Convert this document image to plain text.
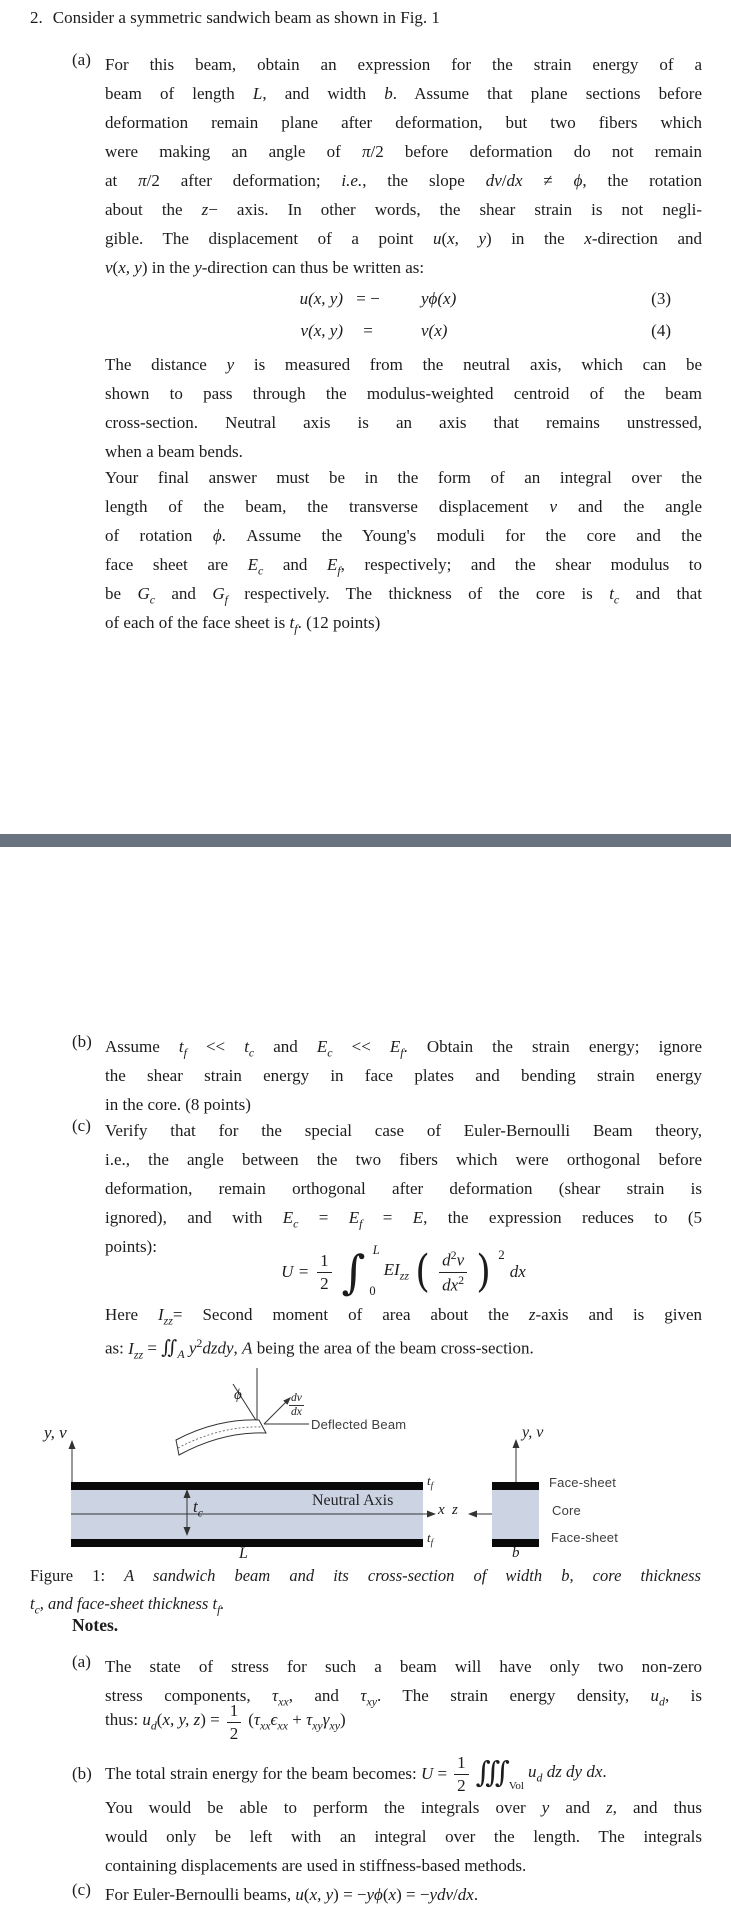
2. Consider a symmetric sandwich beam as shown in Fig. 1
(a) For this beam, obtain an expression for the strain energy of a
beam of length L, and width b. Assume that plane sections before
deformation remain plane after deformation, but two fibers which
were making an angle of π/2 before deformation do not remain
at π/2 after deformation; i.e., the slope dv/dx ≠ ϕ, the rotation
about the z− axis. In other words, the shear strain is not negli-
gible. The displacement of a point u(x, y) in the x-direction and
v(x, y) in the y-direction can thus be written as:
u(x, y) = −	yϕ(x)	(3)
v(x, y)	=	v(x)	(4)
The distance y is measured from the neutral axis, which can be
shown to pass through the modulus-weighted centroid of the beam
cross-section. Neutral axis is an axis that remains unstressed,
when a beam bends.
Your final answer must be in the form of an integral over the
length of the beam, the transverse displacement v and the angle
of rotation ϕ. Assume the Young's moduli for the core and the
face sheet are $E_c$ and $E_f$, respectively; and the shear modulus to
be $G_c$ and $G_f$ respectively. The thickness of the core is $t_c$ and that
of each of the face sheet is $t_f$. (12 points)
(b) Assume $t_f << t_c$ and $E_c << E_f$. Obtain the strain energy; ignore
the shear strain energy in face plates and bending strain energy
in the core. (8 points)
(c) Verify that for the special case of Euler-Bernoulli Beam theory,
i.e., the angle between the two fibers which were orthogonal before
deformation, remain orthogonal after deformation (shear strain is
ignored), and with $E_c = E_f = E$, the expression reduces to (5
points):
$U = \frac{1}{2}$ ∫ L
0
$EI_{zz}$ ( $\frac{d^2v}{dx^2}$ ) 2
dx
Here $I_{zz}=$ Second moment of area about the z-axis and is given
as: $I_{zz}$ = $∬_A$ $y^2dzdy$, A being the area of the beam cross-section.
y, v
ϕ	dv
dx
Deflected Beam
Neutral Axis
$t_c$
$t_f$
$t_f$
x z
L	b
y, v
Face-sheet
Core
Face-sheet
Figure 1: A sandwich beam and its cross-section of width b, core thickness
$t_c$, and face-sheet thickness $t_f$.
Notes.
(a) The state of stress for such a beam will have only two non-zero
stress components, $\tau_{xx}$, and $\tau_{xy}$. The strain energy density, $u_d$, is
thus: $u_d(x$, y, $z) = \frac{1}{2} (\tau_{xx}\epsilon_{xx} + \tau_{xy}\gamma_{xy})$
(b) The total strain energy for the beam becomes: $U = \frac{1}{2}$ $∭_{Vol}$
$u_d$ dz dy dx.
You would be able to perform the integrals over y and z, and thus
would only be left with an integral over the length. The integrals
containing displacements are used in stiffness-based methods.
(c) For Euler-Bernoulli beams, u(x, y) = −yϕ(x) = −ydv/dx.
